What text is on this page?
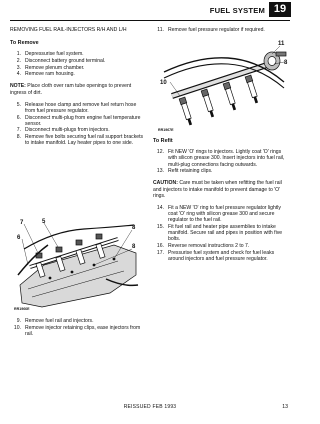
FUEL SYSTEM 19
REMOVING FUEL RAIL-INJECTORS R/H AND L/H
To Remove
1. Depressurise fuel system.
2. Disconnect battery ground terminal.
3. Remove plenum chamber.
4. Remove ram housing.
NOTE: Place cloth over ram tube openings to prevent ingress of dirt.
5. Release hose clamp and remove fuel return hose from fuel pressure regulator.
6. Disconnect multi-plug from engine fuel temperature sensor.
7. Disconnect multi-plugs from injectors.
8. Remove five bolts securing fuel rail support brackets to intake manifold. Lay heater pipes to one side.
7	5
6
8
8
RR1966E
9. Remove fuel rail and injectors.
10. Remove injector retaining clips, ease injectors from rail.
11. Remove fuel pressure regulator if required.
8
10
11
RR1967E
To Refit
12. Fit NEW 'O' rings to injectors. Lightly coat 'O' rings with silicon grease 300. Insert injectors into fuel rail, multi-plug connections facing outwards.
13. Refit retaining clips.
CAUTION: Care must be taken when refitting the fuel rail and injectors to intake manifold to prevent damage to 'O' rings.
14. Fit a NEW 'O' ring to fuel pressure regulator lightly coat 'O' ring with silicon grease 300 and secure regulator to the fuel rail.
15. Fit fuel rail and heater pipe assemblies to intake manifold. Secure rail and pipes in position with five bolts.
16. Reverse removal instructions 2 to 7.
17. Pressurise fuel system and check for fuel leaks around injectors and fuel pressure regulator.
REISSUED FEB 1993	13
